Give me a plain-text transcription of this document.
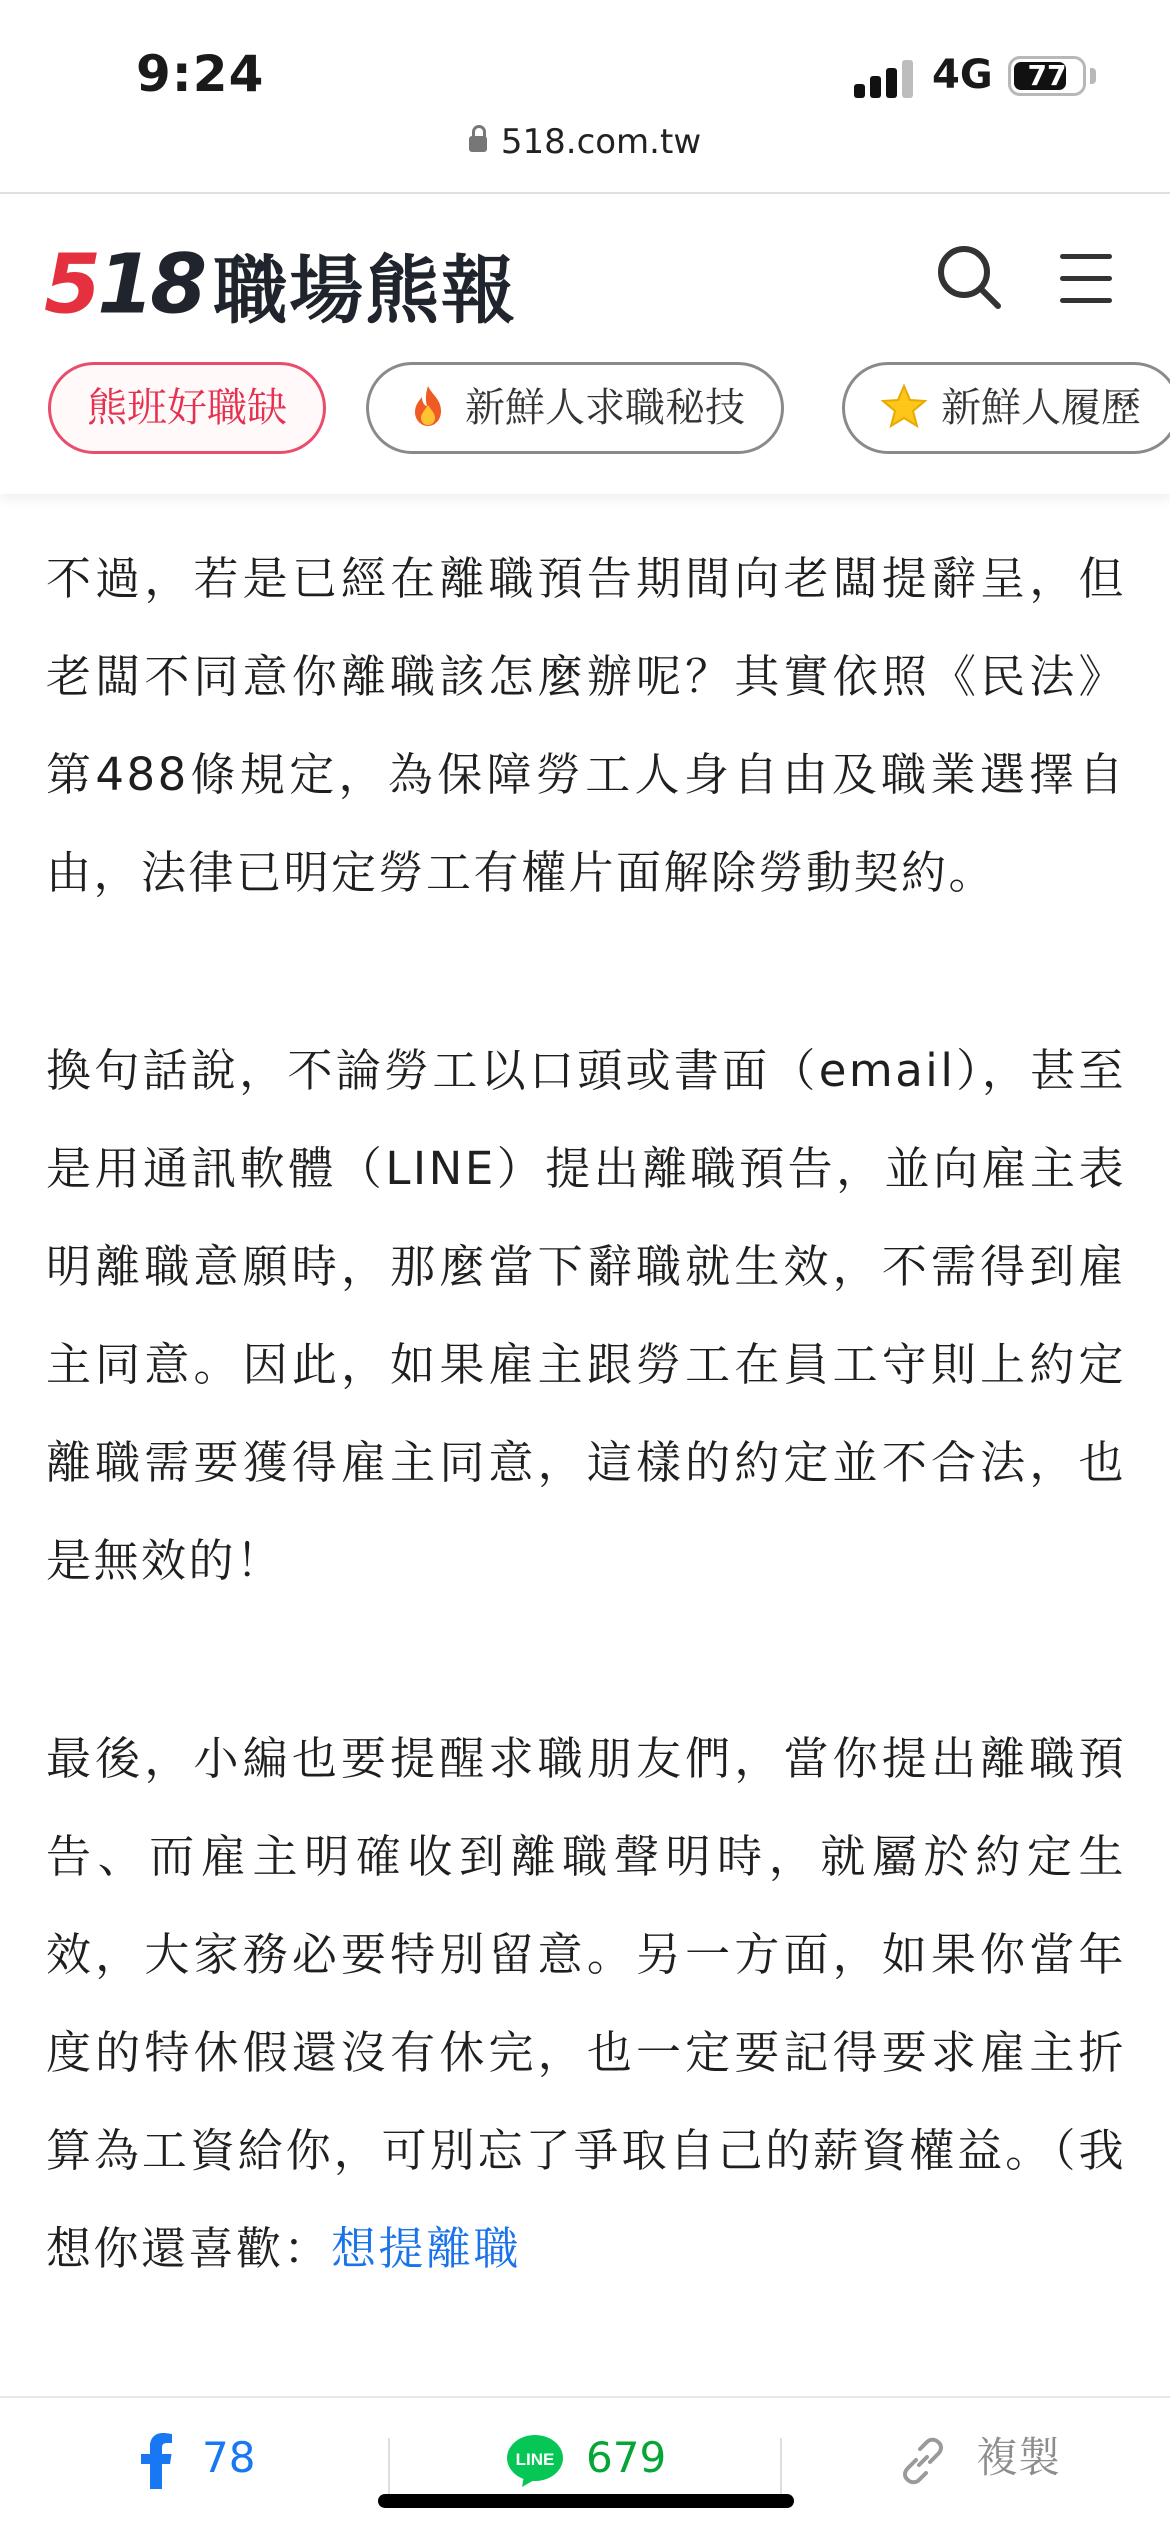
9:24	4G	77
518.com.tw
518 職場熊報
熊班好職缺	新鮮人求職秘技	新鮮人履歷

不過，若是已經在離職預告期間向老闆提辭呈，但老闆不同意你離職該怎麼辦呢？其實依照《民法》第488條規定，為保障勞工人身自由及職業選擇自由，法律已明定勞工有權片面解除勞動契約。

換句話說，不論勞工以口頭或書面（email），甚至是用通訊軟體（LINE）提出離職預告，並向雇主表明離職意願時，那麼當下辭職就生效，不需得到雇主同意。因此，如果雇主跟勞工在員工守則上約定離職需要獲得雇主同意，這樣的約定並不合法，也是無效的！

最後，小編也要提醒求職朋友們，當你提出離職預告、而雇主明確收到離職聲明時，就屬於約定生效，大家務必要特別留意。另一方面，如果你當年度的特休假還沒有休完，也一定要記得要求雇主折算為工資給你，可別忘了爭取自己的薪資權益。（我想你還喜歡：想提離職

78	LINE 679	複製
